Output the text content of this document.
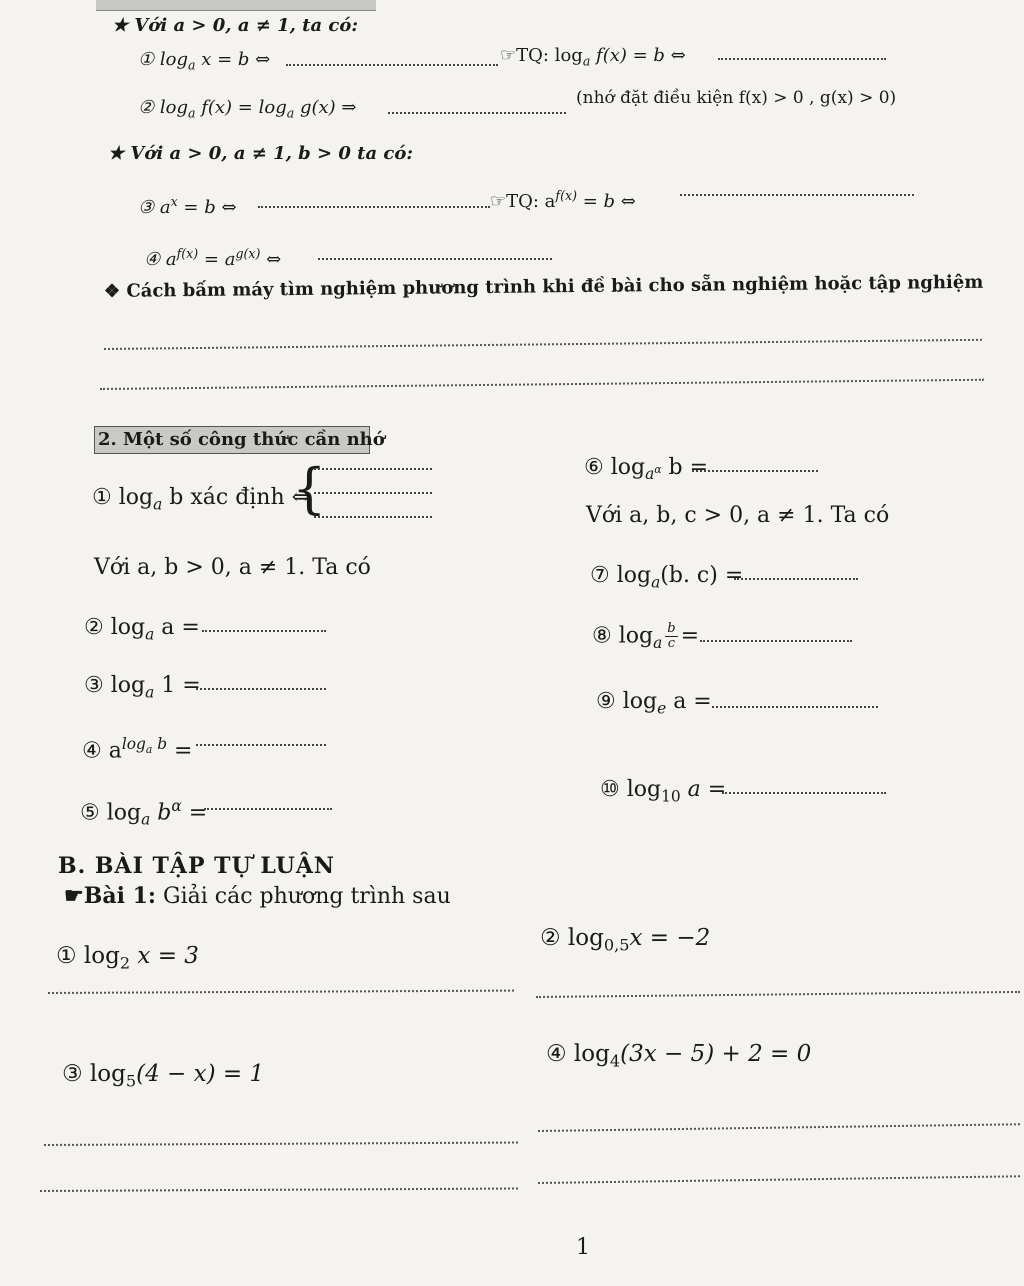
★ Với a > 0, a ≠ 1, ta có:
① $\log_a x = b$ ⇔	☞TQ: $\log_a f(x) = b$ ⇔
② $\log_a f(x) = \log_a g(x)$ ⇒	(nhớ đặt điều kiện f(x) > 0 , g(x) > 0)
★ Với a > 0, a ≠ 1, b > 0 ta có:
③ $a^x = b$ ⇔	☞TQ: $a^{f(x)} = b$ ⇔
④ $a^{f(x)} = a^{g(x)}$ ⇔
❖ Cách bấm máy tìm nghiệm phương trình khi đề bài cho sẵn nghiệm hoặc tập nghiệm
2. Một số công thức cần nhớ
① $\log_a b$ xác định ⇔
{	⑥ $\log_{a^\alpha} b$ =
Với a, b, c > 0, a ≠ 1. Ta có
Với a, b > 0, a ≠ 1. Ta có	⑦ $\log_a(b$. c) =
② $\log_a a$ =	⑧ $\log_a \frac{b}{c}$ =
③ $\log_a 1$ =
⑨ $\log_e a$ =
④ $a^{log_a b}$ =
⑩ $\log_{10} a$ =
⑤ $\log_a b^\alpha$ =
B. BÀI TẬP TỰ LUẬN
☛Bài 1: Giải các phương trình sau
① $\log_2 x = 3$
② $\log_{0,5}x = -2$
③ $\log_5(4 - x) = 1$
④ $\log_4(3x - 5) + 2 = 0$
1
